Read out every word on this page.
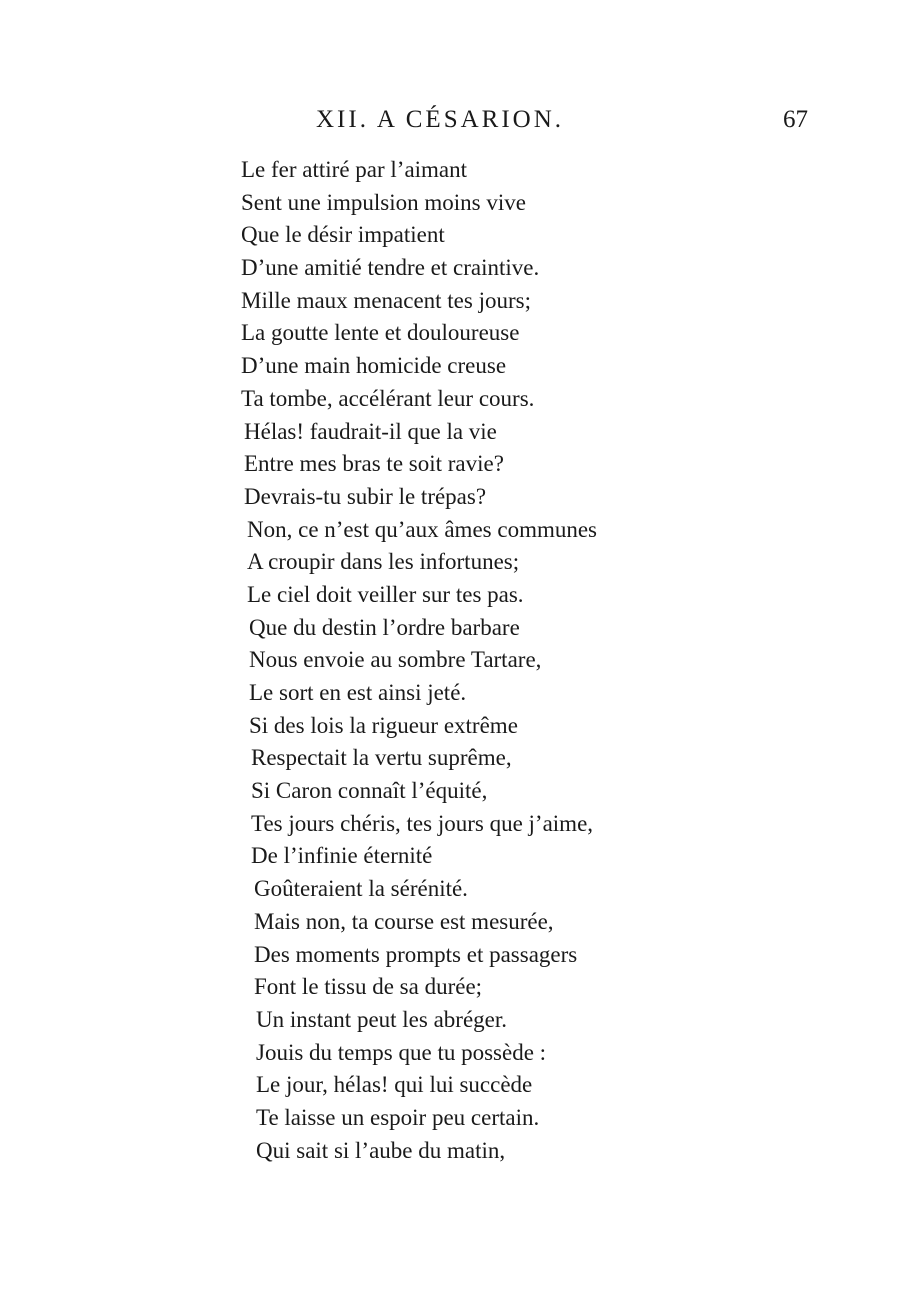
XII. A CÉSARION.	67
Le fer attiré par l’aimant
Sent une impulsion moins vive
Que le désir impatient
D’une amitié tendre et craintive.
Mille maux menacent tes jours;
La goutte lente et douloureuse
D’une main homicide creuse
Ta tombe, accélérant leur cours.
Hélas! faudrait-il que la vie
Entre mes bras te soit ravie?
Devrais-tu subir le trépas?
Non, ce n’est qu’aux âmes communes
A croupir dans les infortunes;
Le ciel doit veiller sur tes pas.
Que du destin l’ordre barbare
Nous envoie au sombre Tartare,
Le sort en est ainsi jeté.
Si des lois la rigueur extrême
Respectait la vertu suprême,
Si Caron connaît l’équité,
Tes jours chéris, tes jours que j’aime,
De l’infinie éternité
Goûteraient la sérénité.
Mais non, ta course est mesurée,
Des moments prompts et passagers
Font le tissu de sa durée;
Un instant peut les abréger.
Jouis du temps que tu possède :
Le jour, hélas! qui lui succède
Te laisse un espoir peu certain.
Qui sait si l’aube du matin,
